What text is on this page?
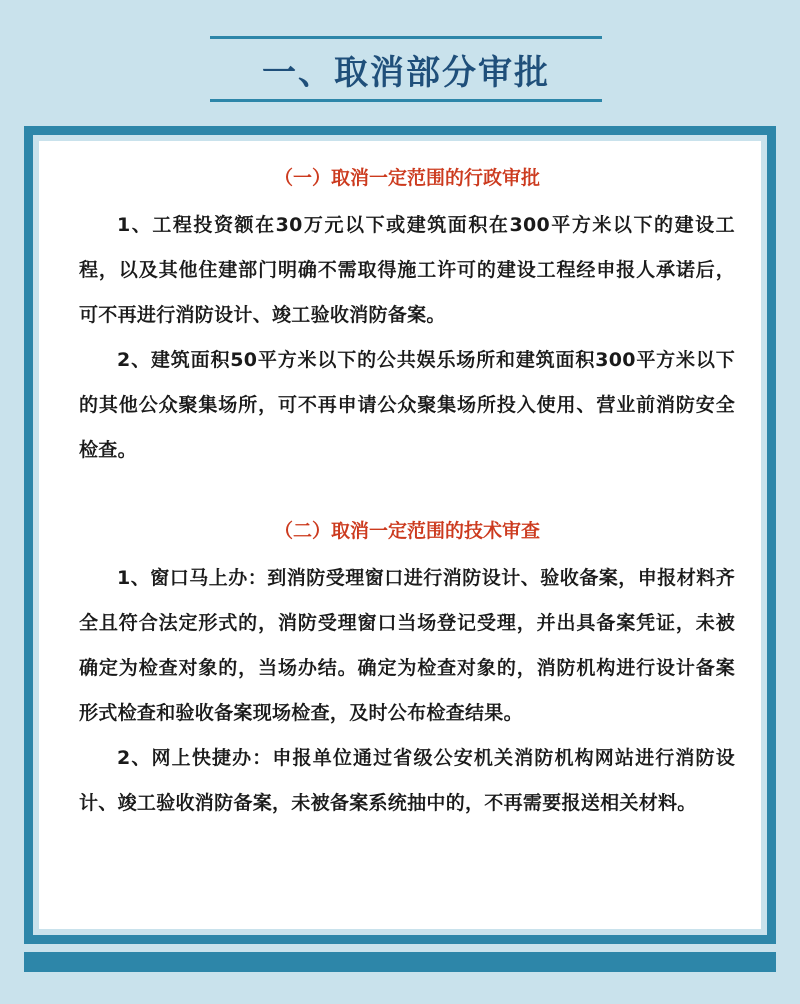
一、取消部分审批
（一）取消一定范围的行政审批

1、工程投资额在30万元以下或建筑面积在300平方米以下的建设工程，以及其他住建部门明确不需取得施工许可的建设工程经申报人承诺后，可不再进行消防设计、竣工验收消防备案。

2、建筑面积50平方米以下的公共娱乐场所和建筑面积300平方米以下的其他公众聚集场所，可不再申请公众聚集场所投入使用、营业前消防安全检查。

（二）取消一定范围的技术审查

1、窗口马上办：到消防受理窗口进行消防设计、验收备案，申报材料齐全且符合法定形式的，消防受理窗口当场登记受理，并出具备案凭证，未被确定为检查对象的，当场办结。确定为检查对象的，消防机构进行设计备案形式检查和验收备案现场检查，及时公布检查结果。

2、网上快捷办：申报单位通过省级公安机关消防机构网站进行消防设计、竣工验收消防备案，未被备案系统抽中的，不再需要报送相关材料。
